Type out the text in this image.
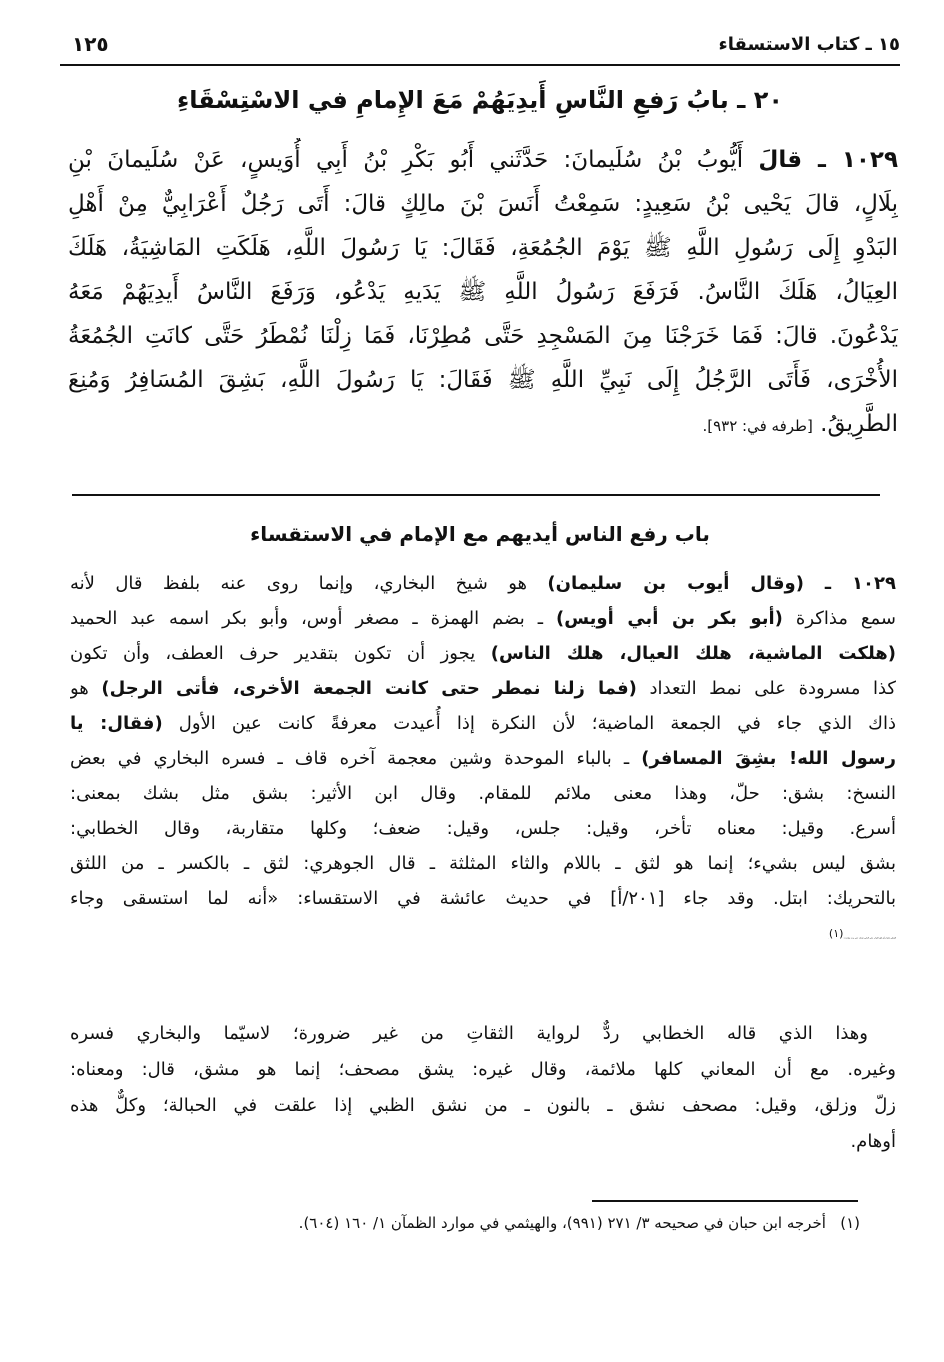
١٢٥	١٥ ـ كتاب الاستسقاء
٢٠ ـ بابُ رَفعِ النَّاسِ أَيدِيَهُمْ مَعَ الإِمامِ في الاسْتِسْقَاءِ
١٠٢٩ ـ قالَ أَيُّوبُ بْنُ سُلَيمانَ: حَدَّثَني أَبُو بَكْرِ بْنُ أَبِي أُوَيسٍ، عَنْ سُلَيمانَ بْنِ
بِلَالٍ، قالَ يَحْيى بْنُ سَعِيدٍ: سَمِعْتُ أَنَسَ بْنَ مالِكٍ قالَ: أَتَى رَجُلٌ أَعْرَابِيٌّ مِنْ أَهْلِ
البَدْوِ إِلَى رَسُولِ اللَّهِ ﷺ يَوْمَ الجُمُعَةِ، فَقَالَ: يَا رَسُولَ اللَّهِ، هَلَكَتِ المَاشِيَةُ، هَلَكَ
العِيَالُ، هَلَكَ النَّاسُ. فَرَفَعَ رَسُولُ اللَّهِ ﷺ يَدَيهِ يَدْعُو، وَرَفَعَ النَّاسُ أَيدِيَهُمْ مَعَهُ
يَدْعُونَ. قالَ: فَمَا خَرَجْنَا مِنَ المَسْجِدِ حَتَّى مُطِرْنَا، فَمَا زِلْنَا نُمْطَرُ حَتَّى كانَتِ الجُمُعَةُ
الأُخْرَى، فَأَتَى الرَّجُلُ إِلَى نَبِيِّ اللَّهِ ﷺ فَقَالَ: يَا رَسُولَ اللَّهِ، بَشِقَ المُسَافِرُ وَمُنِعَ
الطَّرِيقُ. [طرفه في: ٩٣٢].
باب رفع الناس أيديهم مع الإمام في الاستقساء
١٠٢٩ ـ (وقال أيوب بن سليمان) هو شيخ البخاري، وإنما روى عنه بلفظ قال لأنه
سمع مذاكرة (أبو بكر بن أبي أويس) ـ بضم الهمزة ـ مصغر أوس، وأبو بكر اسمه عبد الحميد
(هلكت الماشية، هلك العيال، هلك الناس) يجوز أن تكون بتقدير حرف العطف، وأن تكون
كذا مسرودة على نمط التعداد (فما زلنا نمطر حتى كانت الجمعة الأخرى، فأتى الرجل) هو
ذاك الذي جاء في الجمعة الماضية؛ لأن النكرة إذا أُعيدت معرفةً كانت عين الأول (فقال: يا
رسول الله! بشِقَ المسافر) ـ بالباء الموحدة وشين معجمة آخره قاف ـ فسره البخاري في بعض
النسخ: بشق: حلّ، وهذا معنى ملائم للمقام. وقال ابن الأثير: بشق مثل بشك بمعنى:
أسرع. وقيل: معناه تأخر، وقيل: جلس، وقيل: ضعف؛ وكلها متقاربة، وقال الخطابي:
بشق ليس بشيء؛ إنما هو لثق ـ باللام والثاء المثلثة ـ قال الجوهري: لثق ـ بالكسر ـ من اللثق
بالتحريك: ابتل. وقد جاء [٢٠١/أ] في حديث عائشة في الاستقساء: «أنه لما استسقى وجاء
المطر، فلما رأى لثق الثياب على الناس ضحك حتى بدت نواجده»$^{(١)}$.
وهذا الذي قاله الخطابي ردٌّ لرواية الثقاتِ من غير ضرورة؛ لاسيّما والبخاري فسره
وغيره. مع أن المعاني كلها ملائمة، وقال غيره: يشق مصحف؛ إنما هو مشق، قال: ومعناه:
زلّ وزلق، وقيل: مصحف نشق ـ بالنون ـ من نشق الظبي إذا علقت في الحبالة؛ وكلٌّ هذه
أوهام.
(١)   أخرجه ابن حبان في صحيحه ٣/ ٢٧١ (٩٩١)، والهيثمي في موارد الظمآن ١/ ١٦٠ (٦٠٤).
